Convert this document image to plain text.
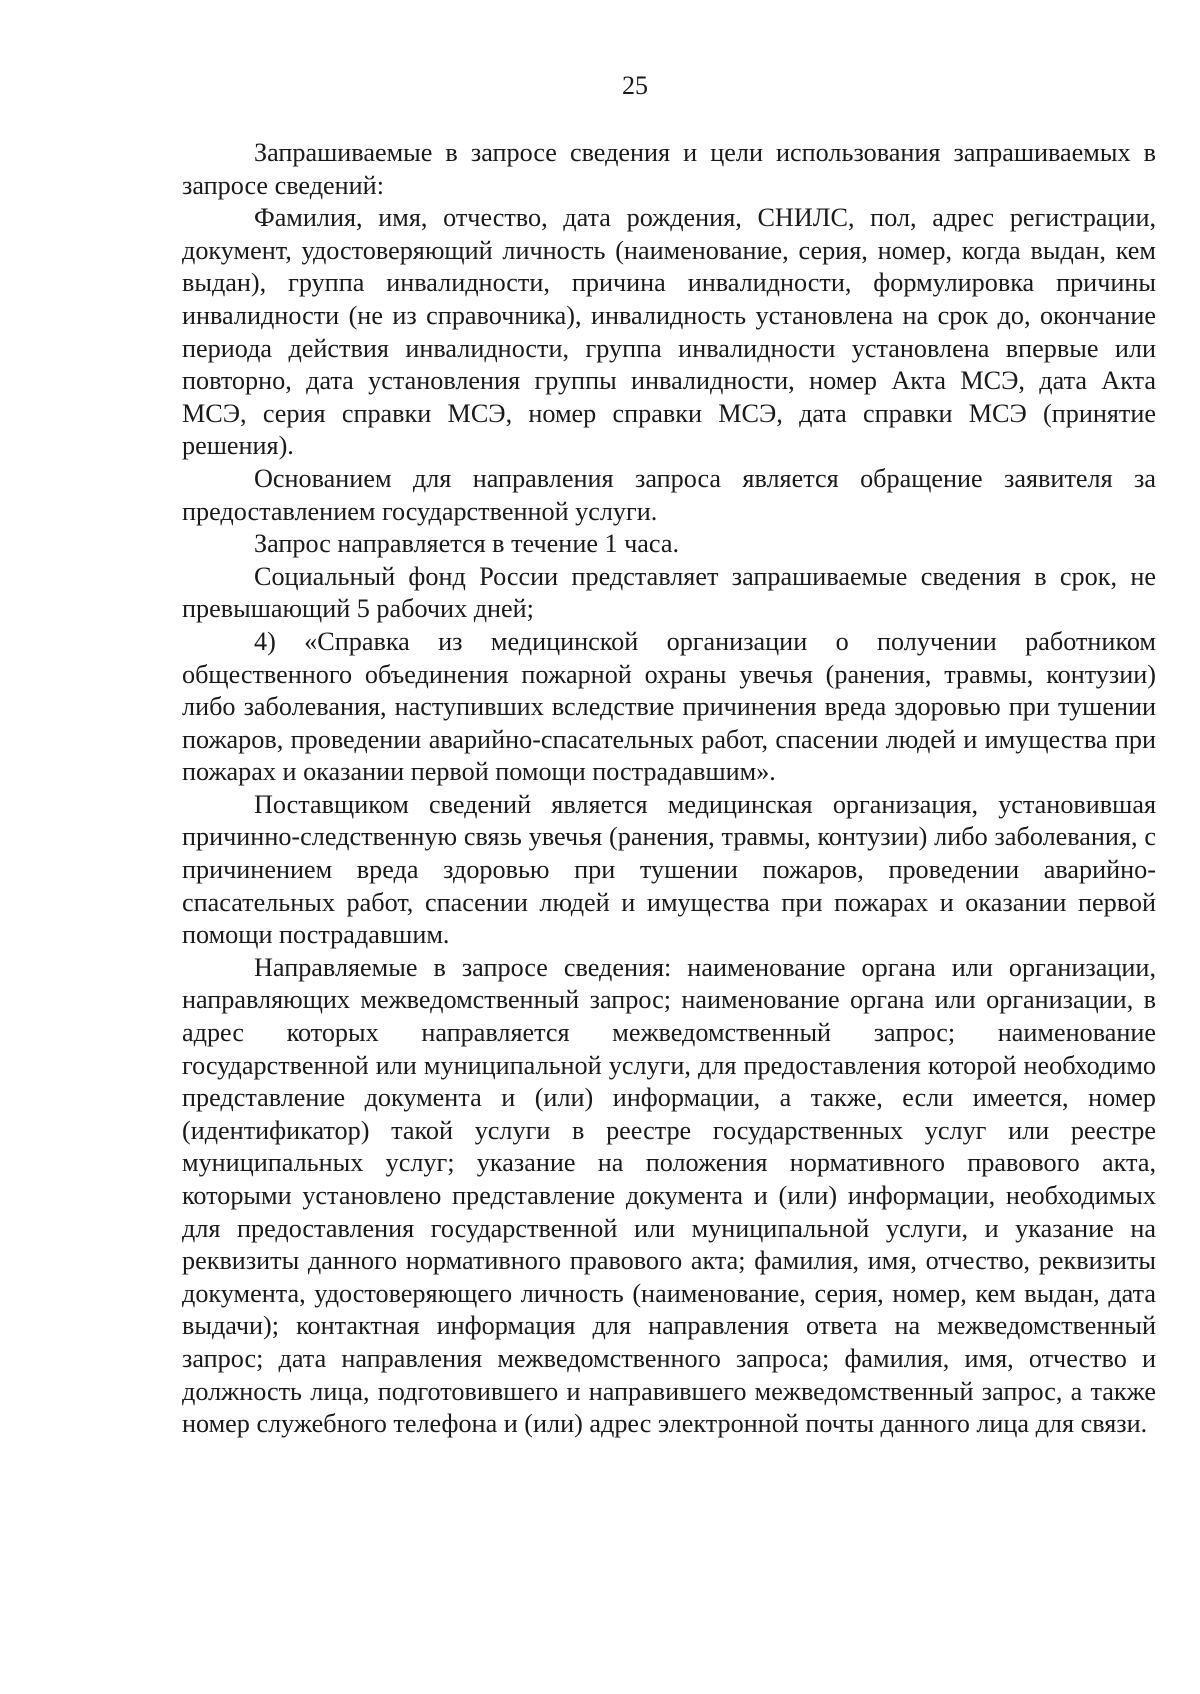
25

Запрашиваемые в запросе сведения и цели использования запрашиваемых в запросе сведений:

Фамилия, имя, отчество, дата рождения, СНИЛС, пол, адрес регистрации, документ, удостоверяющий личность (наименование, серия, номер, когда выдан, кем выдан), группа инвалидности, причина инвалидности, формулировка причины инвалидности (не из справочника), инвалидность установлена на срок до, окончание периода действия инвалидности, группа инвалидности установлена впервые или повторно, дата установления группы инвалидности, номер Акта МСЭ, дата Акта МСЭ, серия справки МСЭ, номер справки МСЭ, дата справки МСЭ (принятие решения).

Основанием для направления запроса является обращение заявителя за предоставлением государственной услуги.

Запрос направляется в течение 1 часа.

Социальный фонд России представляет запрашиваемые сведения в срок, не превышающий 5 рабочих дней;

4) «Справка из медицинской организации о получении работником общественного объединения пожарной охраны увечья (ранения, травмы, контузии) либо заболевания, наступивших вследствие причинения вреда здоровью при тушении пожаров, проведении аварийно-спасательных работ, спасении людей и имущества при пожарах и оказании первой помощи пострадавшим».

Поставщиком сведений является медицинская организация, установившая причинно-следственную связь увечья (ранения, травмы, контузии) либо заболевания, с причинением вреда здоровью при тушении пожаров, проведении аварийно-спасательных работ, спасении людей и имущества при пожарах и оказании первой помощи пострадавшим.

Направляемые в запросе сведения: наименование органа или организации, направляющих межведомственный запрос; наименование органа или организации, в адрес которых направляется межведомственный запрос; наименование государственной или муниципальной услуги, для предоставления которой необходимо представление документа и (или) информации, а также, если имеется, номер (идентификатор) такой услуги в реестре государственных услуг или реестре муниципальных услуг; указание на положения нормативного правового акта, которыми установлено представление документа и (или) информации, необходимых для предоставления государственной или муниципальной услуги, и указание на реквизиты данного нормативного правового акта; фамилия, имя, отчество, реквизиты документа, удостоверяющего личность (наименование, серия, номер, кем выдан, дата выдачи); контактная информация для направления ответа на межведомственный запрос; дата направления межведомственного запроса; фамилия, имя, отчество и должность лица, подготовившего и направившего межведомственный запрос, а также номер служебного телефона и (или) адрес электронной почты данного лица для связи.
